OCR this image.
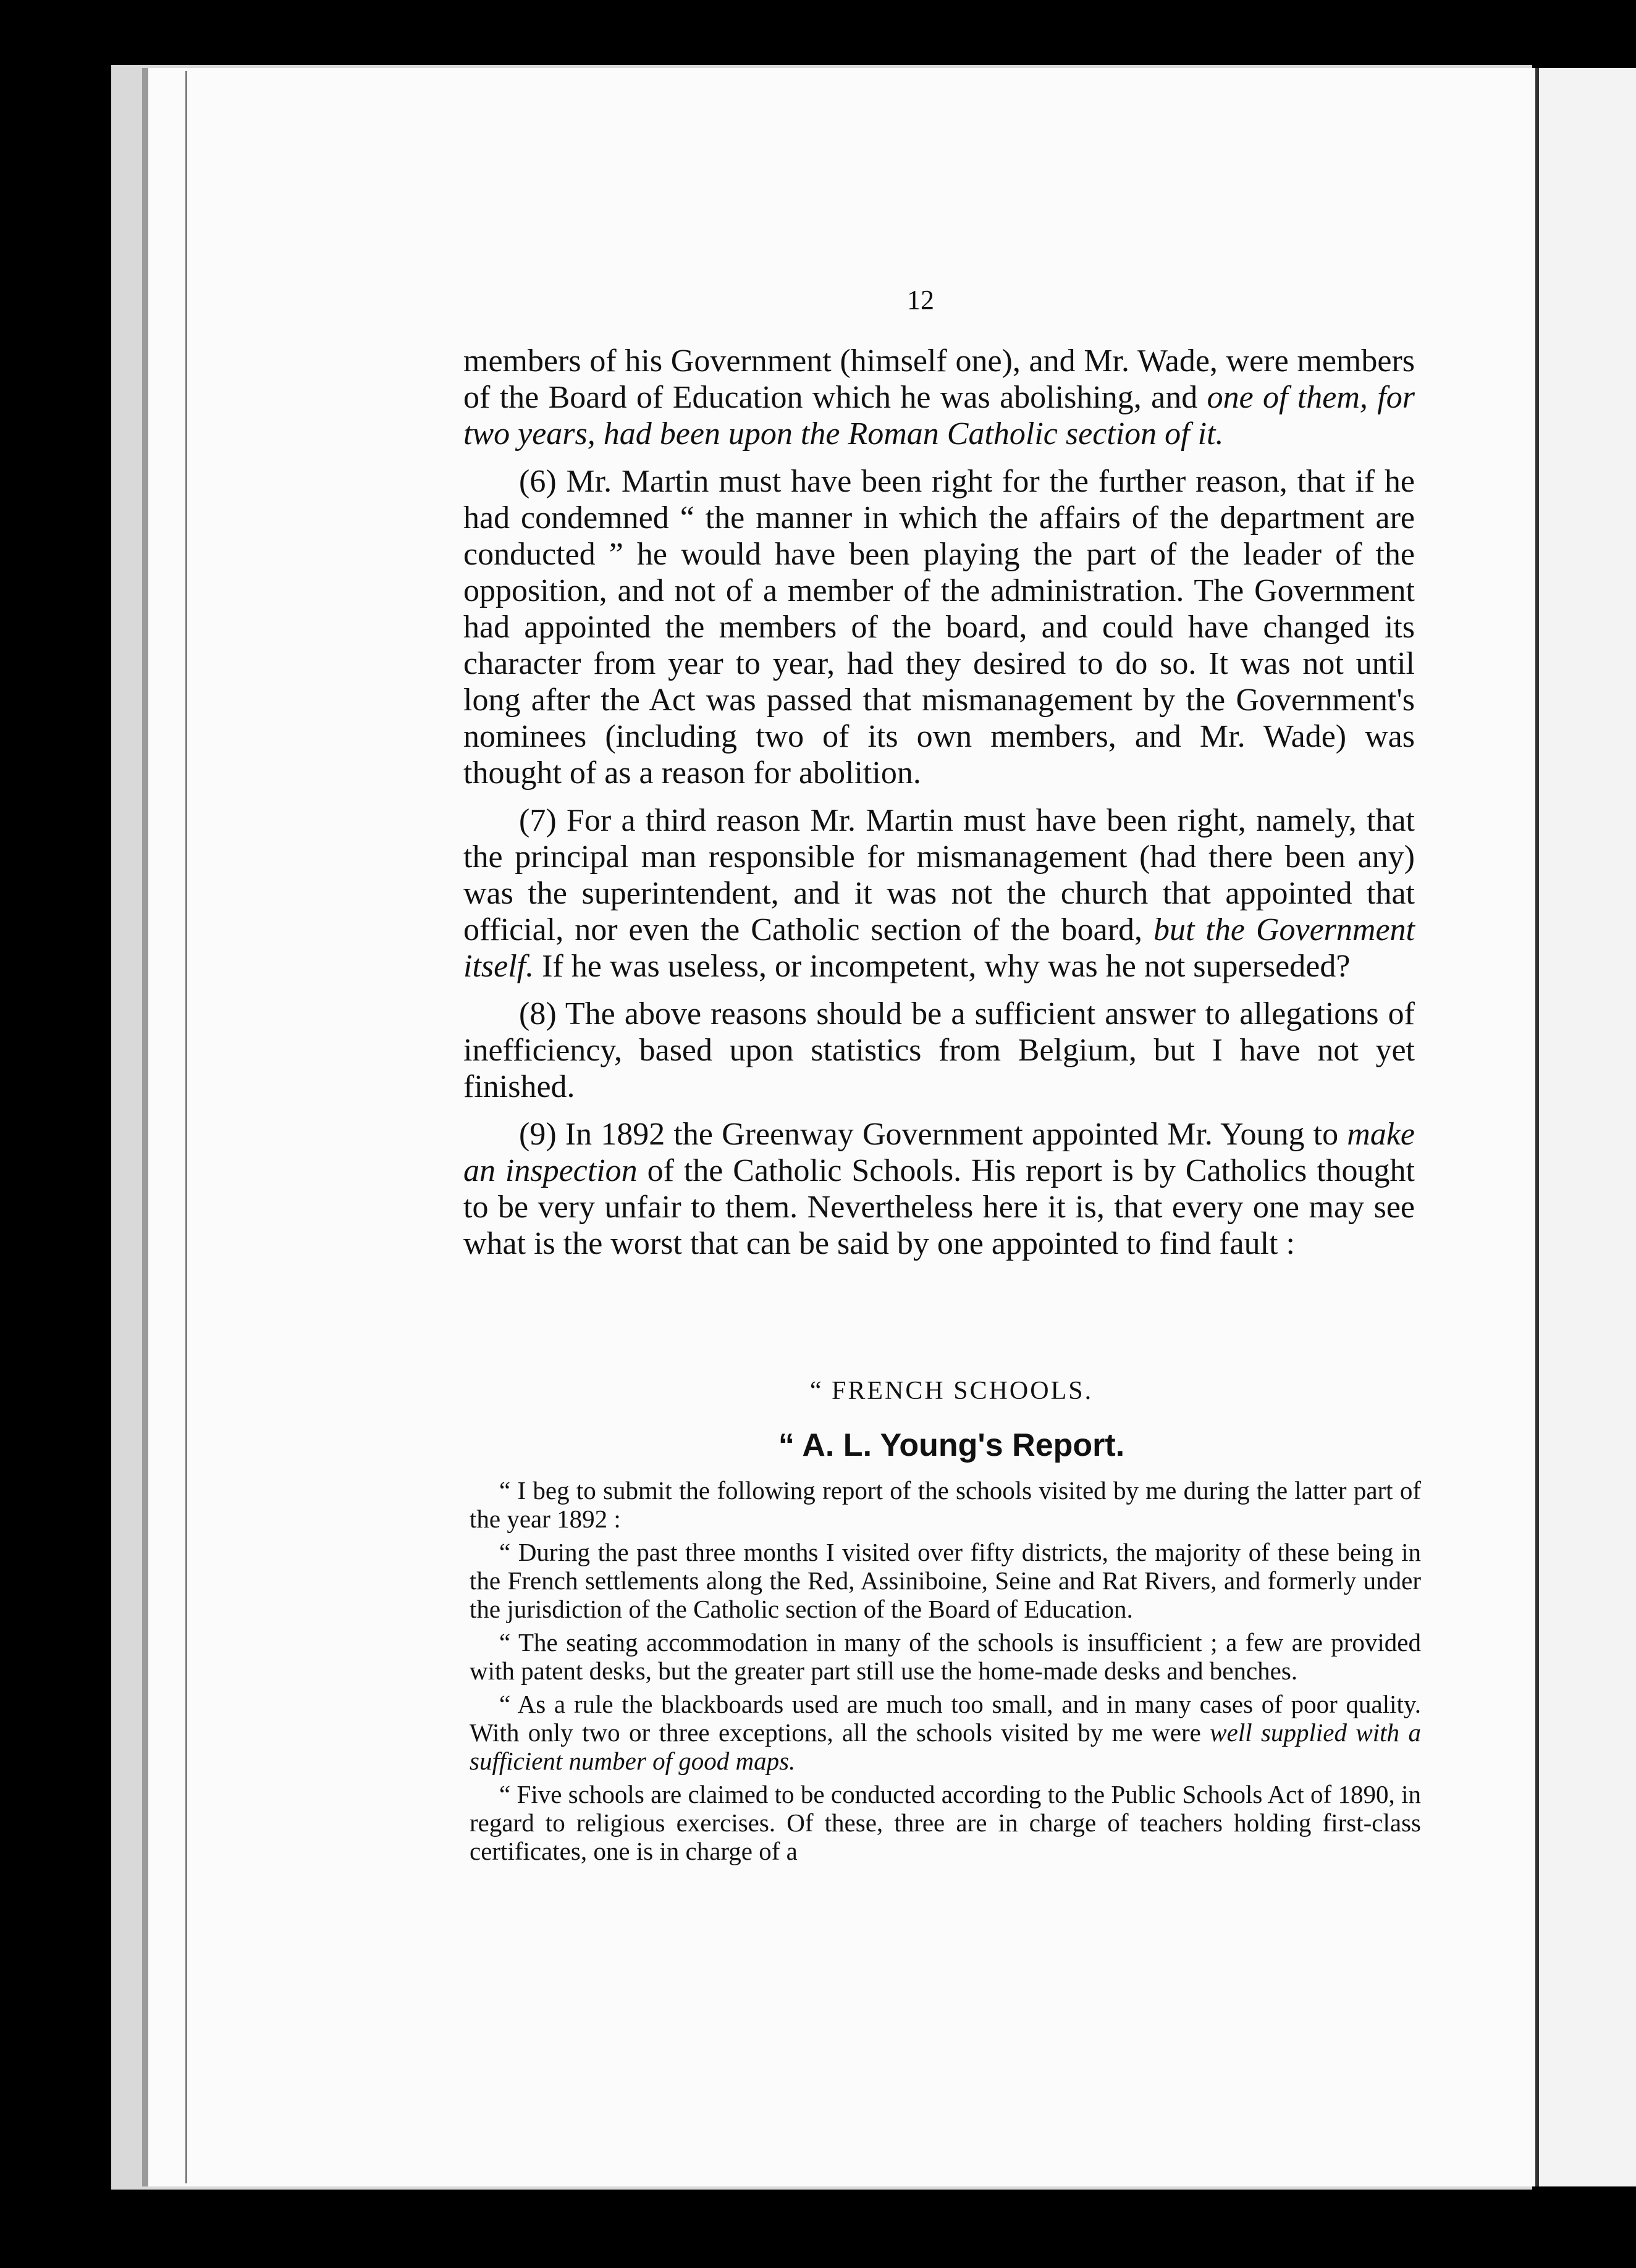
12

members of his Government (himself one), and Mr. Wade, were members of the Board of Education which he was abolishing, and one of them, for two years, had been upon the Roman Catholic section of it.

(6) Mr. Martin must have been right for the further reason, that if he had condemned “ the manner in which the affairs of the department are conducted ” he would have been playing the part of the leader of the opposition, and not of a member of the administration. The Government had appointed the members of the board, and could have changed its character from year to year, had they desired to do so. It was not until long after the Act was passed that mismanagement by the Government's nominees (including two of its own members, and Mr. Wade) was thought of as a reason for abolition.

(7) For a third reason Mr. Martin must have been right, namely, that the principal man responsible for mismanagement (had there been any) was the superintendent, and it was not the church that appointed that official, nor even the Catholic section of the board, but the Government itself. If he was useless, or incompetent, why was he not superseded?

(8) The above reasons should be a sufficient answer to allegations of inefficiency, based upon statistics from Belgium, but I have not yet finished.

(9) In 1892 the Greenway Government appointed Mr. Young to make an inspection of the Catholic Schools. His report is by Catholics thought to be very unfair to them. Nevertheless here it is, that every one may see what is the worst that can be said by one appointed to find fault :

“ FRENCH SCHOOLS.
“ A. L. Young's Report.

“ I beg to submit the following report of the schools visited by me during the latter part of the year 1892 :

“ During the past three months I visited over fifty districts, the majority of these being in the French settlements along the Red, Assiniboine, Seine and Rat Rivers, and formerly under the jurisdiction of the Catholic section of the Board of Education.

“ The seating accommodation in many of the schools is insufficient ; a few are provided with patent desks, but the greater part still use the home-made desks and benches.

“ As a rule the blackboards used are much too small, and in many cases of poor quality. With only two or three exceptions, all the schools visited by me were well supplied with a sufficient number of good maps.

“ Five schools are claimed to be conducted according to the Public Schools Act of 1890, in regard to religious exercises. Of these, three are in charge of teachers holding first-class certificates, one is in charge of a
